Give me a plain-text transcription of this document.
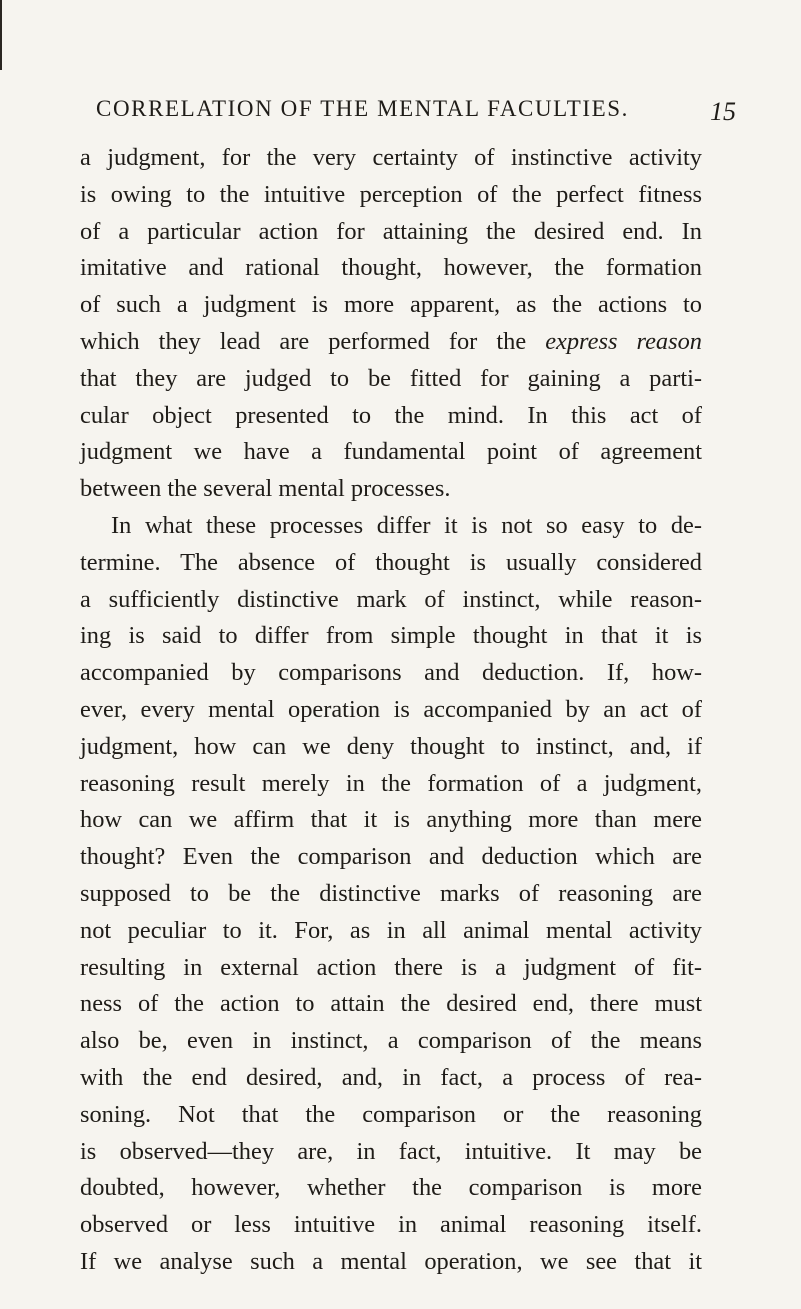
CORRELATION OF THE MENTAL FACULTIES.	15
a judgment, for the very certainty of instinctive activity
is owing to the intuitive perception of the perfect fitness
of a particular action for attaining the desired end. In
imitative and rational thought, however, the formation
of such a judgment is more apparent, as the actions to
which they lead are performed for the express reason
that they are judged to be fitted for gaining a parti-
cular object presented to the mind. In this act of
judgment we have a fundamental point of agreement
between the several mental processes.
In what these processes differ it is not so easy to de-
termine. The absence of thought is usually considered
a sufficiently distinctive mark of instinct, while reason-
ing is said to differ from simple thought in that it is
accompanied by comparisons and deduction. If, how-
ever, every mental operation is accompanied by an act of
judgment, how can we deny thought to instinct, and, if
reasoning result merely in the formation of a judgment,
how can we affirm that it is anything more than mere
thought? Even the comparison and deduction which are
supposed to be the distinctive marks of reasoning are
not peculiar to it. For, as in all animal mental activity
resulting in external action there is a judgment of fit-
ness of the action to attain the desired end, there must
also be, even in instinct, a comparison of the means
with the end desired, and, in fact, a process of rea-
soning. Not that the comparison or the reasoning
is observed—they are, in fact, intuitive. It may be
doubted, however, whether the comparison is more
observed or less intuitive in animal reasoning itself.
If we analyse such a mental operation, we see that it
